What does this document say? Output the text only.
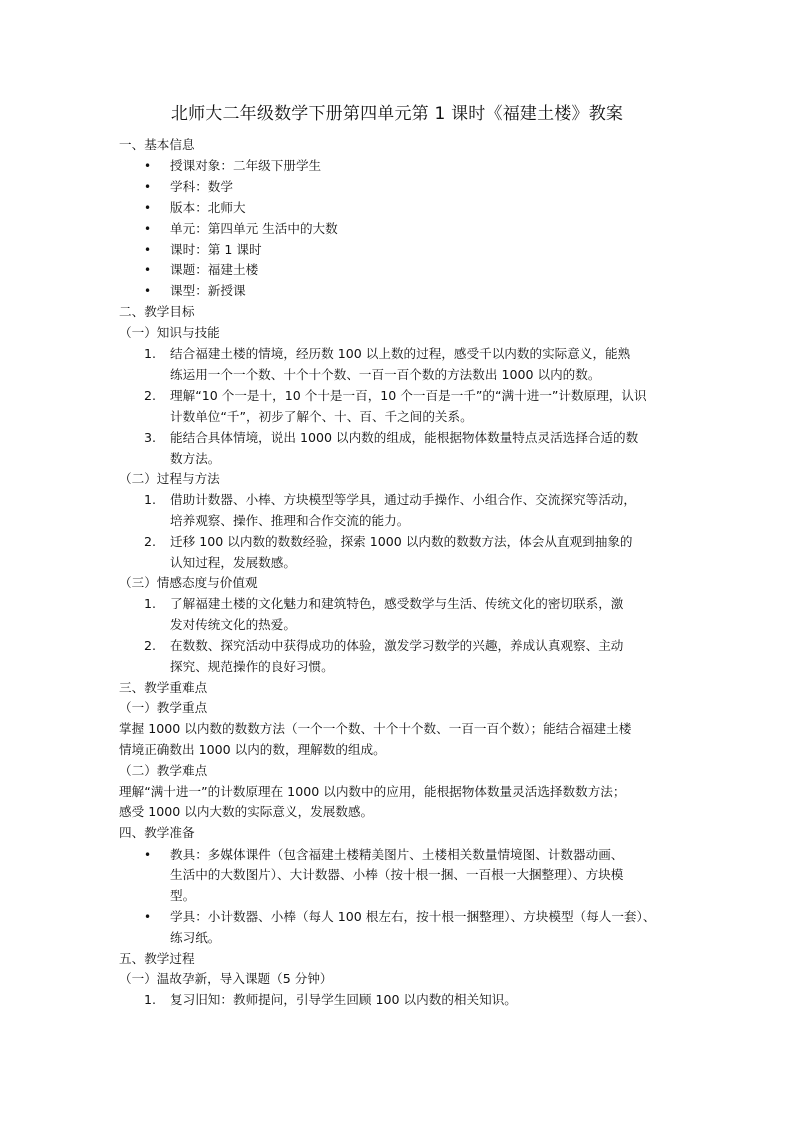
北师大二年级数学下册第四单元第 1 课时《福建土楼》教案
一、基本信息
• 授课对象：二年级下册学生
• 学科：数学
• 版本：北师大
• 单元：第四单元 生活中的大数
• 课时：第 1 课时
• 课题：福建土楼
• 课型：新授课
二、教学目标
（一）知识与技能
1. 结合福建土楼的情境，经历数 100 以上数的过程，感受千以内数的实际意义，能熟
练运用一个一个数、十个十个数、一百一百个数的方法数出 1000 以内的数。
2. 理解“10 个一是十，10 个十是一百，10 个一百是一千”的“满十进一”计数原理，认识
计数单位“千”，初步了解个、十、百、千之间的关系。
3. 能结合具体情境，说出 1000 以内数的组成，能根据物体数量特点灵活选择合适的数
数方法。
（二）过程与方法
1. 借助计数器、小棒、方块模型等学具，通过动手操作、小组合作、交流探究等活动，
培养观察、操作、推理和合作交流的能力。
2. 迁移 100 以内数的数数经验，探索 1000 以内数的数数方法，体会从直观到抽象的
认知过程，发展数感。
（三）情感态度与价值观
1. 了解福建土楼的文化魅力和建筑特色，感受数学与生活、传统文化的密切联系，激
发对传统文化的热爱。
2. 在数数、探究活动中获得成功的体验，激发学习数学的兴趣，养成认真观察、主动
探究、规范操作的良好习惯。
三、教学重难点
（一）教学重点
掌握 1000 以内数的数数方法（一个一个数、十个十个数、一百一百个数）；能结合福建土楼
情境正确数出 1000 以内的数，理解数的组成。
（二）教学难点
理解“满十进一”的计数原理在 1000 以内数中的应用，能根据物体数量灵活选择数数方法；
感受 1000 以内大数的实际意义，发展数感。
四、教学准备
• 教具：多媒体课件（包含福建土楼精美图片、土楼相关数量情境图、计数器动画、
生活中的大数图片）、大计数器、小棒（按十根一捆、一百根一大捆整理）、方块模
型。
• 学具：小计数器、小棒（每人 100 根左右，按十根一捆整理）、方块模型（每人一套）、
练习纸。
五、教学过程
（一）温故孕新，导入课题（5 分钟）
1. 复习旧知：教师提问，引导学生回顾 100 以内数的相关知识。
